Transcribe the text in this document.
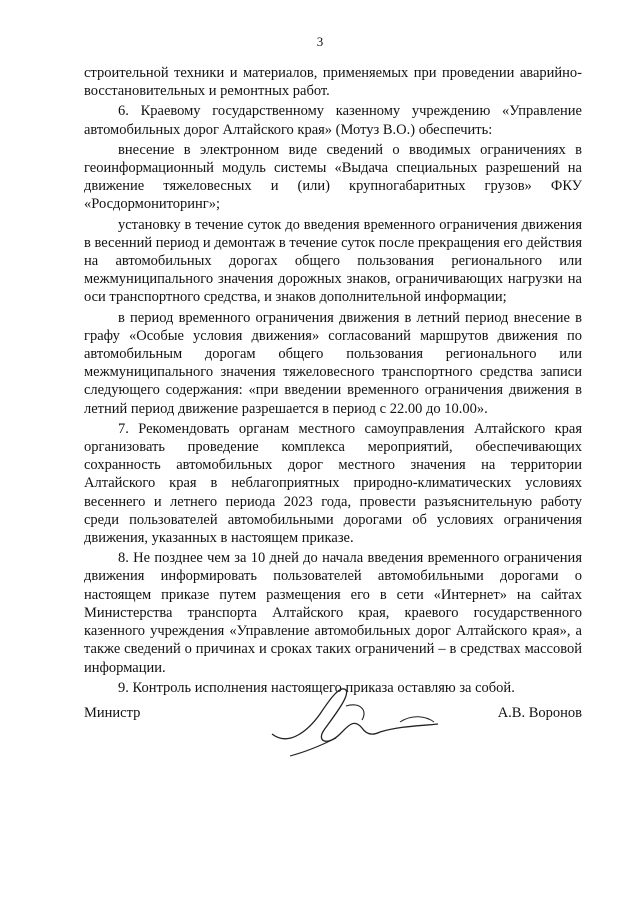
3

строительной техники и материалов, применяемых при проведении аварийно-восстановительных и ремонтных работ.

6. Краевому государственному казенному учреждению «Управление автомобильных дорог Алтайского края» (Мотуз В.О.) обеспечить:

внесение в электронном виде сведений о вводимых ограничениях в геоинформационный модуль системы «Выдача специальных разрешений на движение тяжеловесных и (или) крупногабаритных грузов» ФКУ «Росдормониторинг»;

установку в течение суток до введения временного ограничения движения в весенний период и демонтаж в течение суток после прекращения его действия на автомобильных дорогах общего пользования регионального или межмуниципального значения дорожных знаков, ограничивающих нагрузки на оси транспортного средства, и знаков дополнительной информации;

в период временного ограничения движения в летний период внесение в графу «Особые условия движения» согласований маршрутов движения по автомобильным дорогам общего пользования регионального или межмуниципального значения тяжеловесного транспортного средства записи следующего содержания: «при введении временного ограничения движения в летний период движение разрешается в период с 22.00 до 10.00».

7. Рекомендовать органам местного самоуправления Алтайского края организовать проведение комплекса мероприятий, обеспечивающих сохранность автомобильных дорог местного значения на территории Алтайского края в неблагоприятных природно-климатических условиях весеннего и летнего периода 2023 года, провести разъяснительную работу среди пользователей автомобильными дорогами об условиях ограничения движения, указанных в настоящем приказе.

8. Не позднее чем за 10 дней до начала введения временного ограничения движения информировать пользователей автомобильными дорогами о настоящем приказе путем размещения его в сети «Интернет» на сайтах Министерства транспорта Алтайского края, краевого государственного казенного учреждения «Управление автомобильных дорог Алтайского края», а также сведений о причинах и сроках таких ограничений – в средствах массовой информации.

9. Контроль исполнения настоящего приказа оставляю за собой.

Министр	А.В. Воронов
